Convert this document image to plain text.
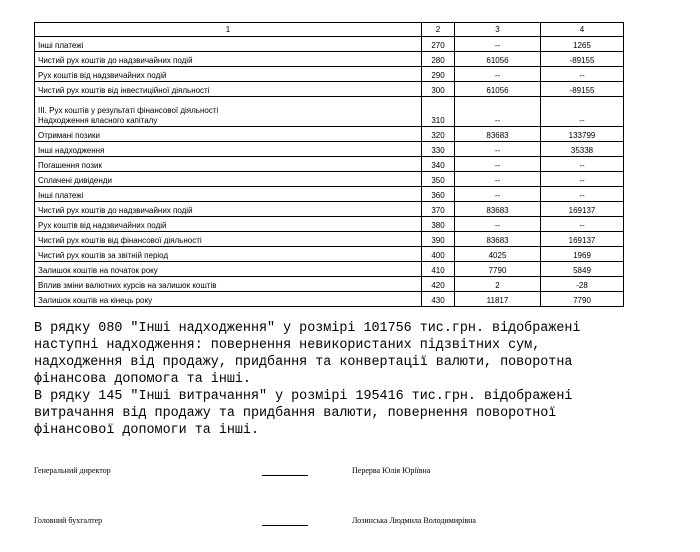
1	2	3	4

Інші платежі	270	--	1265

Чистий рух коштів до надзвичайних подій	280	61056	-89155

Рух коштів від надзвичайних подій	290	--	--

Чистий рух коштів від інвестиційної діяльності	300	61056	-89155

III. Рух коштів у результаті фінансової діяльності
Надходження власного капіталу	310	--	--

Отримані позики	320	83683	133799

Інші надходження	330	--	35338

Погашення позик	340	--	--

Сплачені дивіденди	350	--	--

Інші платежі	360	--	--

Чистий рух коштів до надзвичайних подій	370	83683	169137

Рух коштів від надзвичайних подій	380	--	--

Чистий рух коштів від фінансової діяльності	390	83683	169137

Чистий рух коштів за звітній період	400	4025	1969

Залишок коштів на початок року	410	7790	5849

Вплив зміни валютних курсів на залишок коштів	420	2	-28

Залишок коштів на кінець року	430	11817	7790

В рядку 080 "Інші надходження" у розмірі 101756 тис.грн. відображені

наступні надходження: повернення невикористаних підзвітних сум,

надходження від продажу, придбання та конвертації валюти, поворотна

фінансова допомога та інші.

В рядку 145 "Інші витрачання" у розмірі 195416 тис.грн. відображені

витрачання від продажу та придбання валюти, повернення поворотної

фінансової допомоги та інші.

Генеральний директор	Перерва Юлія Юріївна
Головний бухгалтер	Лозинська Людмила Володимирівна
